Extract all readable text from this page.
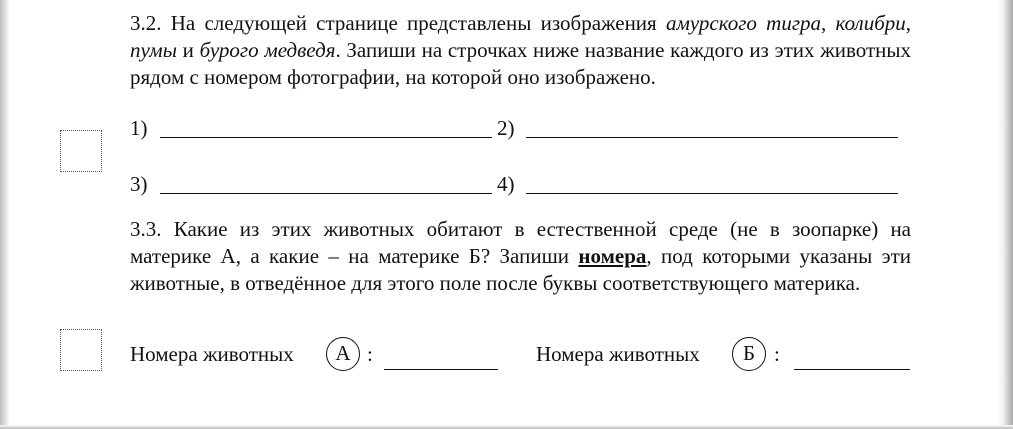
3.2. На следующей странице представлены изображения амурского тигра, колибри, пумы и бурого медведя. Запиши на строчках ниже название каждого из этих животных рядом с номером фотографии, на которой оно изображено.

1)	2)
3)	4)

3.3. Какие из этих животных обитают в естественной среде (не в зоопарке) на материке А, а какие – на материке Б? Запиши номера, под которыми указаны эти животные, в отведённое для этого поле после буквы соответствующего материка.

Номера животных	А :	Номера животных	Б :
